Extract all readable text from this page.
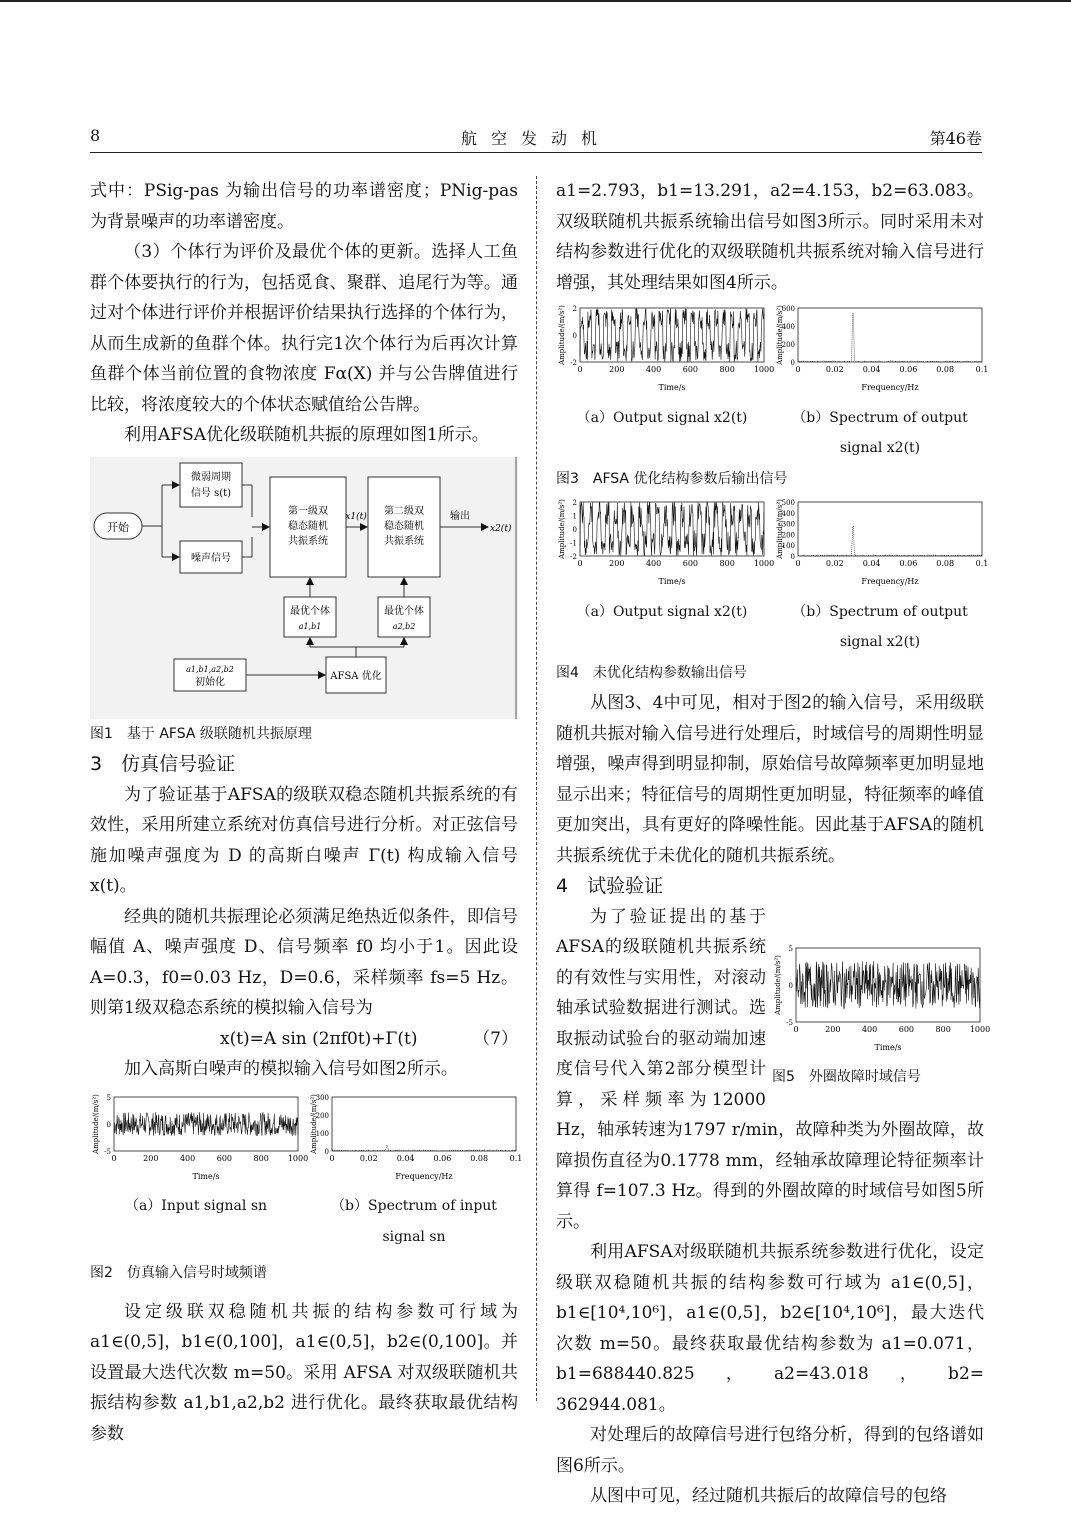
8	航空发动机	第46卷

式中：PSig-pas 为输出信号的功率谱密度；PNig-pas 为背景噪声的功率谱密度。

（3）个体行为评价及最优个体的更新。选择人工鱼群个体要执行的行为，包括觅食、聚群、追尾行为等。通过对个体进行评价并根据评价结果执行选择的个体行为，从而生成新的鱼群个体。执行完1次个体行为后再次计算鱼群个体当前位置的食物浓度 Fα(X) 并与公告牌值进行比较，将浓度较大的个体状态赋值给公告牌。

利用AFSA优化级联随机共振的原理如图1所示。

开始
微弱周期
信号 s(t)
噪声信号
第一级双
稳态随机
共振系统
x1(t) 第二级双
稳态随机
共振系统
输出
x2(t)
最优个体
a1,b1
最优个体
a2,b2
a1,b1,a2,b2
初始化
AFSA 优化

图1　基于 AFSA 级联随机共振原理

3　仿真信号验证

为了验证基于AFSA的级联双稳态随机共振系统的有效性，采用所建立系统对仿真信号进行分析。对正弦信号施加噪声强度为 D 的高斯白噪声 Γ(t) 构成输入信号 x(t)。

经典的随机共振理论必须满足绝热近似条件，即信号幅值 A、噪声强度 D、信号频率 f0 均小于1。因此设 A=0.3，f0=0.03 Hz，D=0.6，采样频率 fs=5 Hz。则第1级双稳态系统的模拟输入信号为

x(t)=A sin (2πf0t)+Γ(t)	（7）

加入高斯白噪声的模拟输入信号如图2所示。

0	200	400	600	800 1000
5
0
-5
Time/s
Amplitude/(m/s²)
（a）Input signal sn
0	0.02 0.04 0.06 0.08	0.1
300
200
100
0
Frequency/Hz
Amplitude/(m/s²)
（b）Spectrum of input signal sn

图2　仿真输入信号时域频谱

设定级联双稳随机共振的结构参数可行域为 a1∈(0,5]，b1∈(0,100]，a1∈(0,5]，b2∈(0,100]。并设置最大迭代次数 m=50。采用 AFSA 对双级联随机共振结构参数 a1,b1,a2,b2 进行优化。最终获取最优结构参数

a1=2.793，b1=13.291，a2=4.153，b2=63.083。双级联随机共振系统输出信号如图3所示。同时采用未对结构参数进行优化的双级联随机共振系统对输入信号进行增强，其处理结果如图4所示。

0	200	400	600	800 1000
2
0
-2
Time/s
Amplitude/(m/s²)
（a）Output signal x2(t)
0	0.02 0.04 0.06 0.08	0.1
600
400
200
0
Frequency/Hz
Amplitude/(m/s²)
（b）Spectrum of output signal x2(t)

图3　AFSA 优化结构参数后输出信号

0	200	400	600	800 1000
2
1
0
-1
-2
Time/s
Amplitude/(m/s²)
（a）Output signal x2(t)
0	0.02 0.04 0.06 0.08	0.1
500
400
300
200
100
0
Frequency/Hz
Amplitude/(m/s²)
（b）Spectrum of output signal x2(t)

图4　未优化结构参数输出信号

从图3、4中可见，相对于图2的输入信号，采用级联随机共振对输入信号进行处理后，时域信号的周期性明显增强，噪声得到明显抑制，原始信号故障频率更加明显地显示出来；特征信号的周期性更加明显，特征频率的峰值更加突出，具有更好的降噪性能。因此基于AFSA的随机共振系统优于未优化的随机共振系统。

4　试验验证

0	200	400	600	800 1000
5
0
-5
Time/s
Amplitude/(m/s²)

图5　外圈故障时域信号

为了验证提出的基于AFSA的级联随机共振系统的有效性与实用性，对滚动轴承试验数据进行测试。选取振动试验台的驱动端加速度信号代入第2部分模型计算，采样频率为12000 Hz，轴承转速为1797 r/min，故障种类为外圈故障，故障损伤直径为0.1778 mm，经轴承故障理论特征频率计算得 f=107.3 Hz。得到的外圈故障的时域信号如图5所示。

利用AFSA对级联随机共振系统参数进行优化，设定级联双稳随机共振的结构参数可行域为 a1∈(0,5]，b1∈[10⁴,10⁶]，a1∈(0,5]，b2∈[10⁴,10⁶]，最大迭代次数 m=50。最终获取最优结构参数为 a1=0.071，b1=688440.825，a2=43.018，b2=　362944.081。

对处理后的故障信号进行包络分析，得到的包络谱如图6所示。

从图中可见，经过随机共振后的故障信号的包络
